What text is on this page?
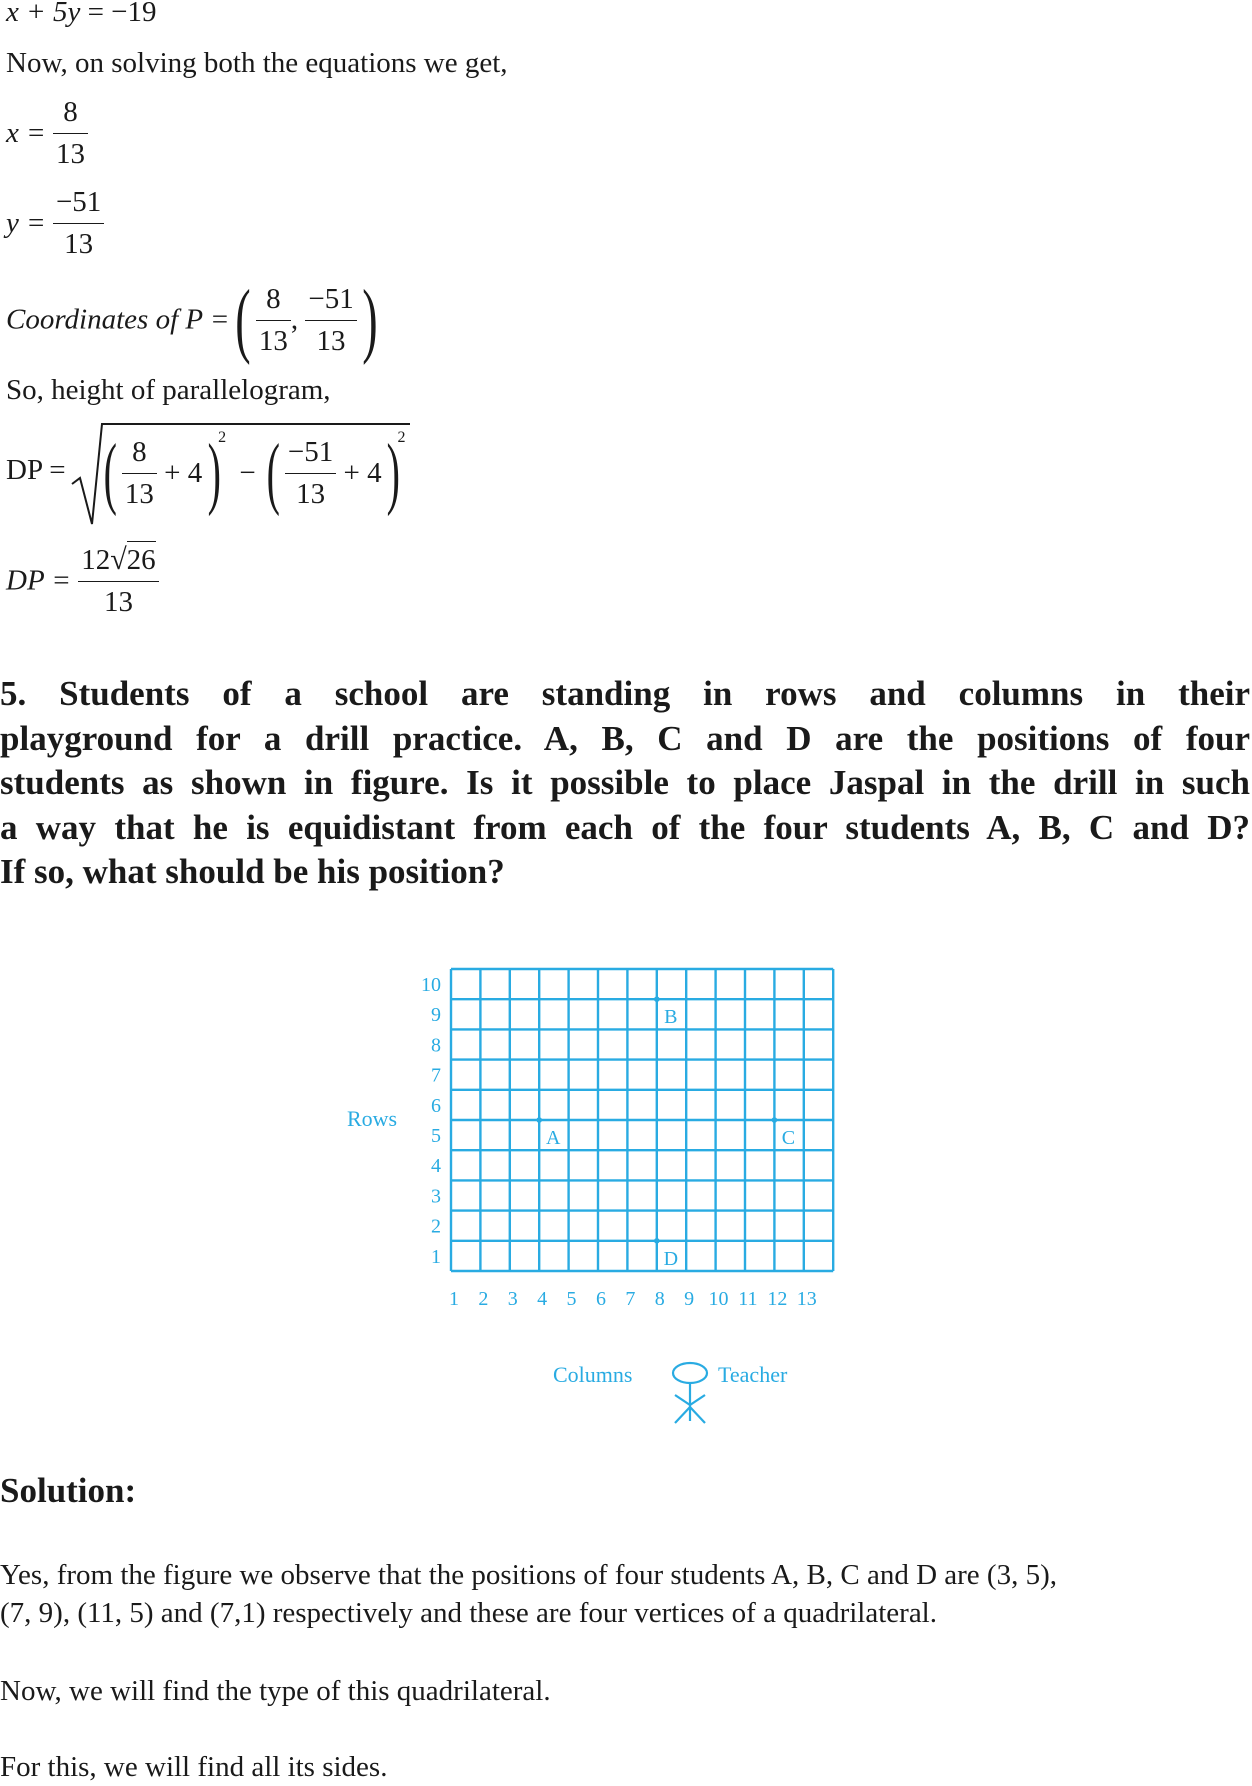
x + 5y = −19
Now, on solving both the equations we get,
$x = \frac{8}{13}$
$y = \frac{-51}{13}$
Coordinates of P = ( $\frac{8}{13}$ , $\frac{-51}{13}$ )
So, height of parallelogram,
DP = ( $\frac{8}{13} + 4$ )$^2$ − ( $\frac{-51}{13} + 4$ )$^2$
DP = $\frac{12√26}{13}$
5. Students of a school are standing in rows and columns in their
playground for a drill practice. A, B, C and D are the positions of four
students as shown in figure. Is it possible to place Jaspal in the drill in such
a way that he is equidistant from each of the four students A, B, C and D?
If so, what should be his position?
1
2
3
4
5
6
7
8
9
10
1 2 3 4 5 6 7 8 9 10 11 12 13
A
B
C
D
Rows
Columns	Teacher
Solution:
Yes, from the figure we observe that the positions of four students A, B, C and D are (3, 5),
(7, 9), (11, 5) and (7,1) respectively and these are four vertices of a quadrilateral.
Now, we will find the type of this quadrilateral.
For this, we will find all its sides.
